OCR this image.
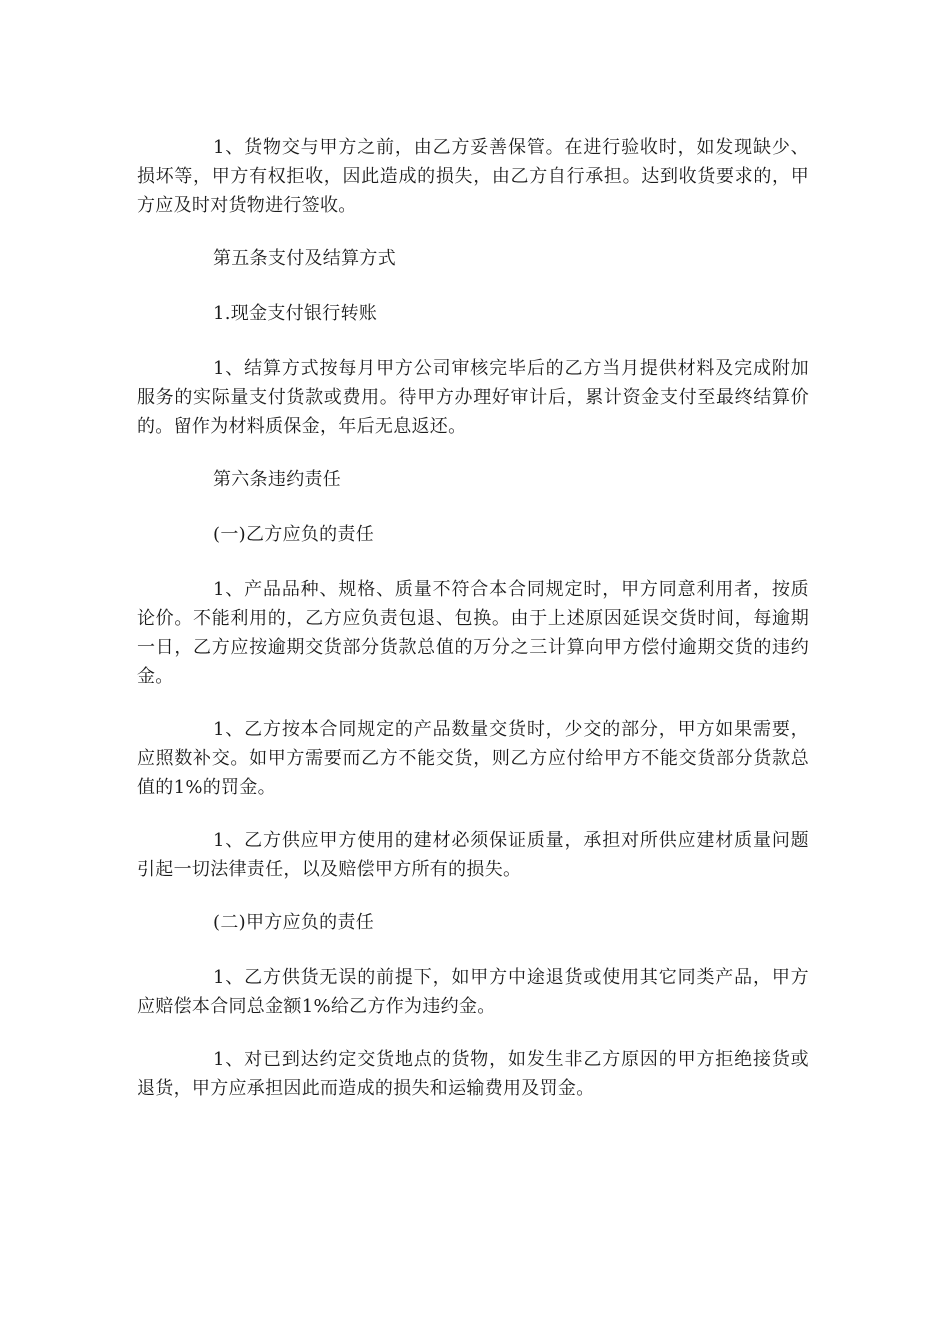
1、货物交与甲方之前，由乙方妥善保管。在进行验收时，如发现缺少、损坏等，甲方有权拒收，因此造成的损失，由乙方自行承担。达到收货要求的，甲方应及时对货物进行签收。

第五条支付及结算方式

1.现金支付银行转账

1、结算方式按每月甲方公司审核完毕后的乙方当月提供材料及完成附加服务的实际量支付货款或费用。待甲方办理好审计后，累计资金支付至最终结算价的。留作为材料质保金，年后无息返还。

第六条违约责任

(一)乙方应负的责任

1、产品品种、规格、质量不符合本合同规定时，甲方同意利用者，按质论价。不能利用的，乙方应负责包退、包换。由于上述原因延误交货时间，每逾期一日，乙方应按逾期交货部分货款总值的万分之三计算向甲方偿付逾期交货的违约金。

1、乙方按本合同规定的产品数量交货时，少交的部分，甲方如果需要，应照数补交。如甲方需要而乙方不能交货，则乙方应付给甲方不能交货部分货款总值的1%的罚金。

1、乙方供应甲方使用的建材必须保证质量，承担对所供应建材质量问题引起一切法律责任，以及赔偿甲方所有的损失。

(二)甲方应负的责任

1、乙方供货无误的前提下，如甲方中途退货或使用其它同类产品，甲方应赔偿本合同总金额1%给乙方作为违约金。

1、对已到达约定交货地点的货物，如发生非乙方原因的甲方拒绝接货或退货，甲方应承担因此而造成的损失和运输费用及罚金。
